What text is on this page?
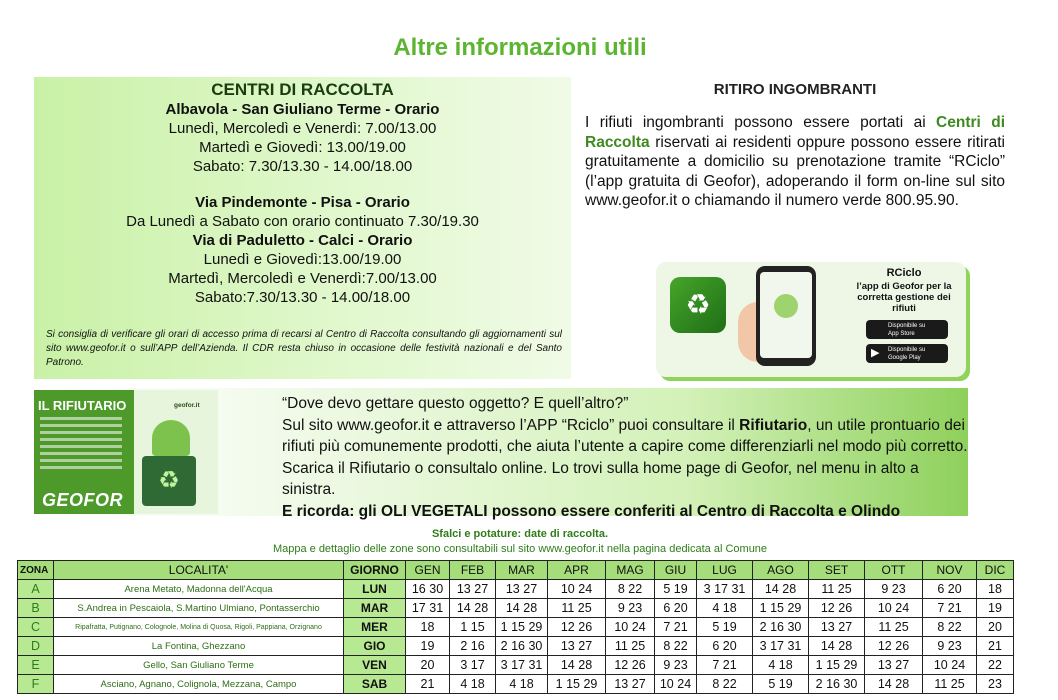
Altre informazioni utili
CENTRI DI RACCOLTA
Albavola - San Giuliano Terme - Orario
Lunedì, Mercoledì e Venerdì: 7.00/13.00
Martedì e Giovedì: 13.00/19.00
Sabato: 7.30/13.30 - 14.00/18.00
Via Pindemonte - Pisa - Orario
Da Lunedì a Sabato con orario continuato 7.30/19.30
Via di Paduletto - Calci - Orario
Lunedì e Giovedì:13.00/19.00
Martedì, Mercoledì e Venerdì:7.00/13.00
Sabato:7.30/13.30 - 14.00/18.00
Si consiglia di verificare gli orari di accesso prima di recarsi al Centro di Raccolta consultando gli aggiornamenti sul sito www.geofor.it o sull’APP dell’Azienda. Il CDR resta chiuso in occasione delle festività nazionali e del Santo Patrono.
RITIRO INGOMBRANTI
I rifiuti ingombranti possono essere portati ai Centri di Raccolta riservati ai residenti oppure possono essere ritirati gratuitamente a domicilio su prenotazione tramite “RCiclo” (l’app gratuita di Geofor), adoperando il form on-line sul sito www.geofor.it o chiamando il numero verde 800.95.90.
♻
RCiclo
l’app di Geofor per la corretta gestione dei rifiuti
Disponibile su
App Store
▶ Disponibile su
Google Play
IL RIFIUTARIO	geofor.it
♻
GEOFOR
“Dove devo gettare questo oggetto? E quell’altro?”
Sul sito www.geofor.it e attraverso l’APP “Rciclo” puoi consultare il Rifiutario, un utile prontuario dei rifiuti più comunemente prodotti, che aiuta l’utente a capire come differenziarli nel modo più corretto.
Scarica il Rifiutario o consultalo online. Lo trovi sulla home page di Geofor, nel menu in alto a sinistra.
E ricorda: gli OLI VEGETALI possono essere conferiti al Centro di Raccolta e Olindo
Sfalci e potature: date di raccolta.
Mappa e dettaglio delle zone sono consultabili sul sito www.geofor.it nella pagina dedicata al Comune
ZONA	LOCALITA'	GIORNO	GEN	FEB	MAR	APR	MAG	GIU	LUG	AGO	SET	OTT	NOV	DIC
A	Arena Metato, Madonna dell'Acqua	LUN	16 30	13 27	13 27	10 24	8 22	5 19	3 17 31	14 28	11 25	9 23	6 20	18
B	S.Andrea in Pescaiola, S.Martino Ulmiano, Pontasserchio	MAR	17 31	14 28	14 28	11 25	9 23	6 20	4 18	1 15 29	12 26	10 24	7 21	19
C	Ripafratta, Putignano, Colognole, Molina di Quosa, Rigoli, Pappiana, Orzignano	MER	18	1 15	1 15 29	12 26	10 24	7 21	5 19	2 16 30	13 27	11 25	8 22	20
D	La Fontina, Ghezzano	GIO	19	2 16	2 16 30	13 27	11 25	8 22	6 20	3 17 31	14 28	12 26	9 23	21
E	Gello, San Giuliano Terme	VEN	20	3 17	3 17 31	14 28	12 26	9 23	7 21	4 18	1 15 29	13 27	10 24	22
F	Asciano, Agnano, Colignola, Mezzana, Campo	SAB	21	4 18	4 18	1 15 29	13 27	10 24	8 22	5 19	2 16 30	14 28	11 25	23
